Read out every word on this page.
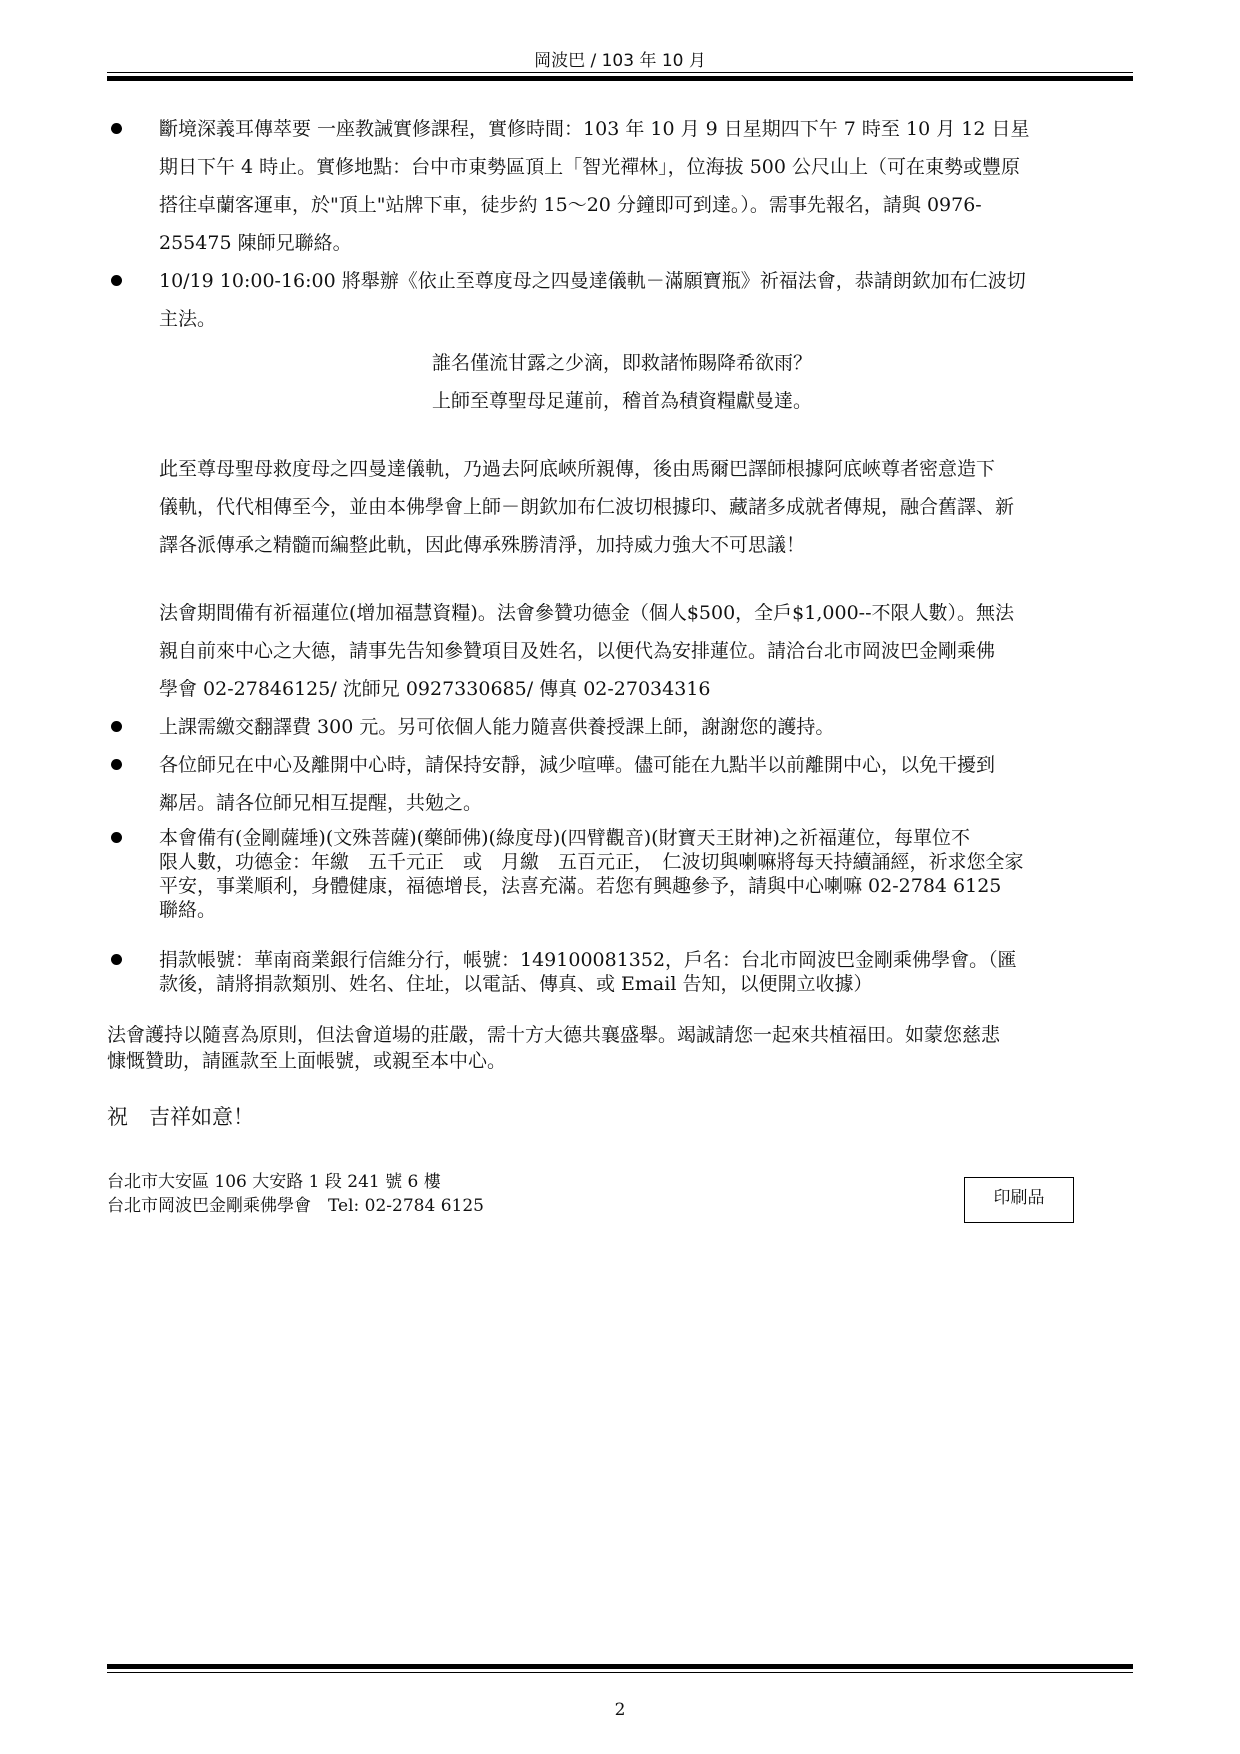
岡波巴 / 103 年 10 月
斷境深義耳傳萃要 一座教誡實修課程，實修時間：103 年 10 月 9 日星期四下午 7 時至 10 月 12 日星
期日下午 4 時止。實修地點：台中市東勢區頂上「智光禪林」，位海拔 500 公尺山上（可在東勢或豐原
搭往卓蘭客運車，於"頂上"站牌下車，徒步約 15～20 分鐘即可到達。）。需事先報名，請與 0976-
255475 陳師兄聯絡。
10/19 10:00-16:00 將舉辦《依止至尊度母之四曼達儀軌－滿願寶瓶》祈福法會，恭請朗欽加布仁波切
主法。
誰名僅流甘露之少滴，即救諸怖賜降希欲雨？
上師至尊聖母足蓮前，稽首為積資糧獻曼達。
此至尊母聖母救度母之四曼達儀軌，乃過去阿底峽所親傳，後由馬爾巴譯師根據阿底峽尊者密意造下
儀軌，代代相傳至今，並由本佛學會上師－朗欽加布仁波切根據印、藏諸多成就者傳規，融合舊譯、新
譯各派傳承之精髓而編整此軌，因此傳承殊勝清淨，加持威力強大不可思議！
法會期間備有祈福蓮位(增加福慧資糧)。法會參贊功德金（個人$500，全戶$1,000--不限人數）。無法
親自前來中心之大德，請事先告知參贊項目及姓名，以便代為安排蓮位。請洽台北市岡波巴金剛乘佛
學會 02-27846125/ 沈師兄 0927330685/ 傳真 02-27034316
上課需繳交翻譯費 300 元。另可依個人能力隨喜供養授課上師，謝謝您的護持。
各位師兄在中心及離開中心時，請保持安靜，減少喧嘩。儘可能在九點半以前離開中心，以免干擾到
鄰居。請各位師兄相互提醒，共勉之。
本會備有(金剛薩埵)(文殊菩薩)(藥師佛)(綠度母)(四臂觀音)(財寶天王財神)之祈福蓮位，每單位不
限人數，功德金：年繳　五千元正　或　月繳　五百元正，　仁波切與喇嘛將每天持續誦經，祈求您全家
平安，事業順利，身體健康，福德增長，法喜充滿。若您有興趣參予，請與中心喇嘛 02-2784 6125
聯絡。
捐款帳號：華南商業銀行信維分行，帳號：149100081352，戶名：台北市岡波巴金剛乘佛學會。（匯
款後，請將捐款類別、姓名、住址，以電話、傳真、或 Email 告知，以便開立收據）
法會護持以隨喜為原則，但法會道場的莊嚴，需十方大德共襄盛舉。竭誠請您一起來共植福田。如蒙您慈悲
慷慨贊助，請匯款至上面帳號，或親至本中心。
祝　吉祥如意！
台北市大安區 106 大安路 1 段 241 號 6 樓
台北市岡波巴金剛乘佛學會　Tel: 02-2784 6125	印刷品
2
